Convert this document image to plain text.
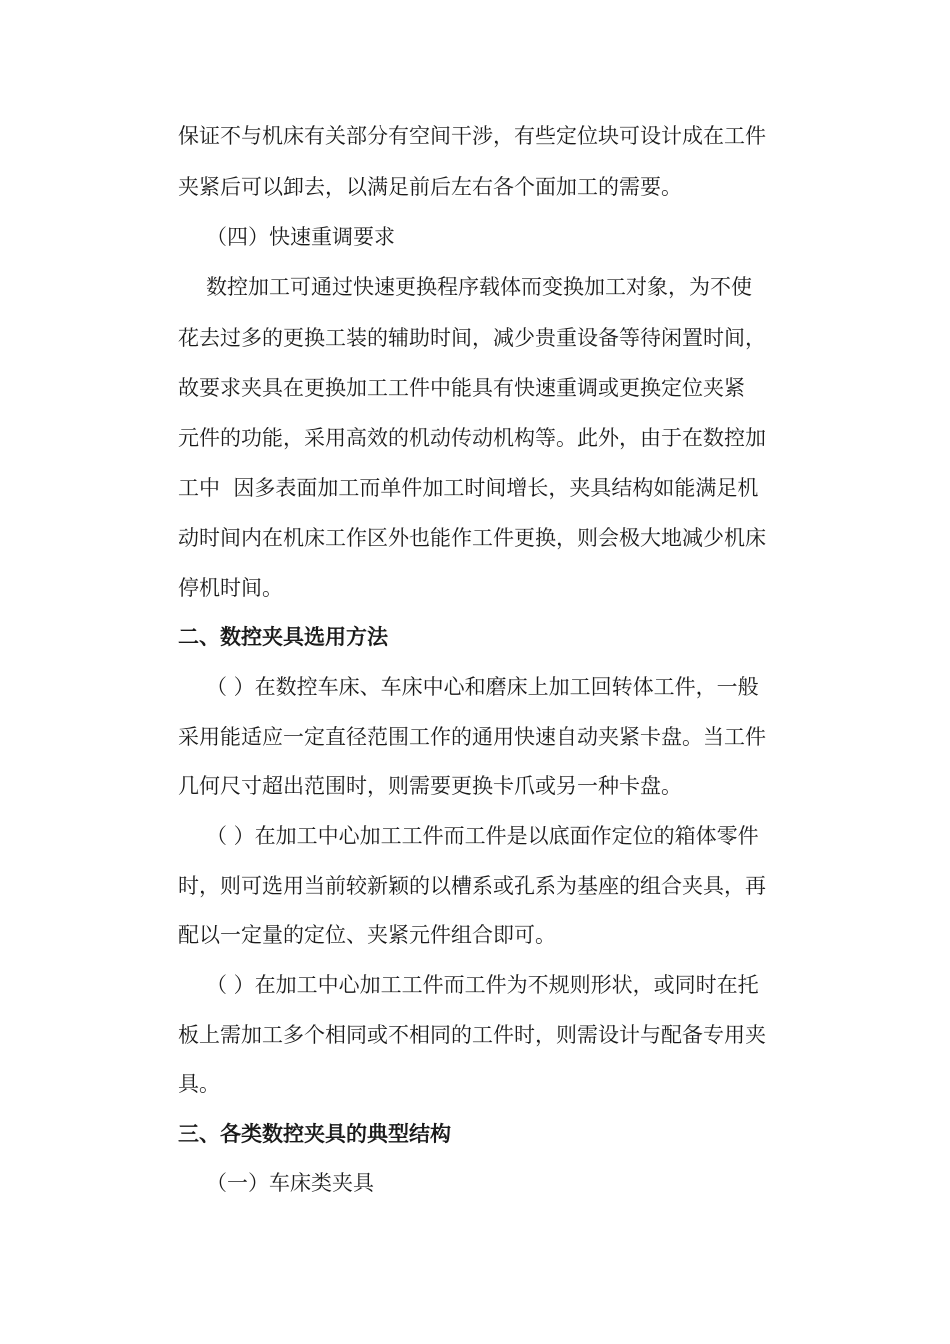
保证不与机床有关部分有空间干涉，有些定位块可设计成在工件
夹紧后可以卸去，以满足前后左右各个面加工的需要。
（四）快速重调要求
数控加工可通过快速更换程序载体而变换加工对象，为不使
花去过多的更换工装的辅助时间，减少贵重设备等待闲置时间，
故要求夹具在更换加工工件中能具有快速重调或更换定位夹紧
元件的功能，采用高效的机动传动机构等。此外，由于在数控加
工中  因多表面加工而单件加工时间增长，夹具结构如能满足机
动时间内在机床工作区外也能作工件更换，则会极大地减少机床
停机时间。
二、数控夹具选用方法
（ ）在数控车床、车床中心和磨床上加工回转体工件，一般
采用能适应一定直径范围工作的通用快速自动夹紧卡盘。当工件
几何尺寸超出范围时，则需要更换卡爪或另一种卡盘。
（ ）在加工中心加工工件而工件是以底面作定位的箱体零件
时，则可选用当前较新颖的以槽系或孔系为基座的组合夹具，再
配以一定量的定位、夹紧元件组合即可。
（ ）在加工中心加工工件而工件为不规则形状，或同时在托
板上需加工多个相同或不相同的工件时，则需设计与配备专用夹
具。
三、各类数控夹具的典型结构
（一）车床类夹具
